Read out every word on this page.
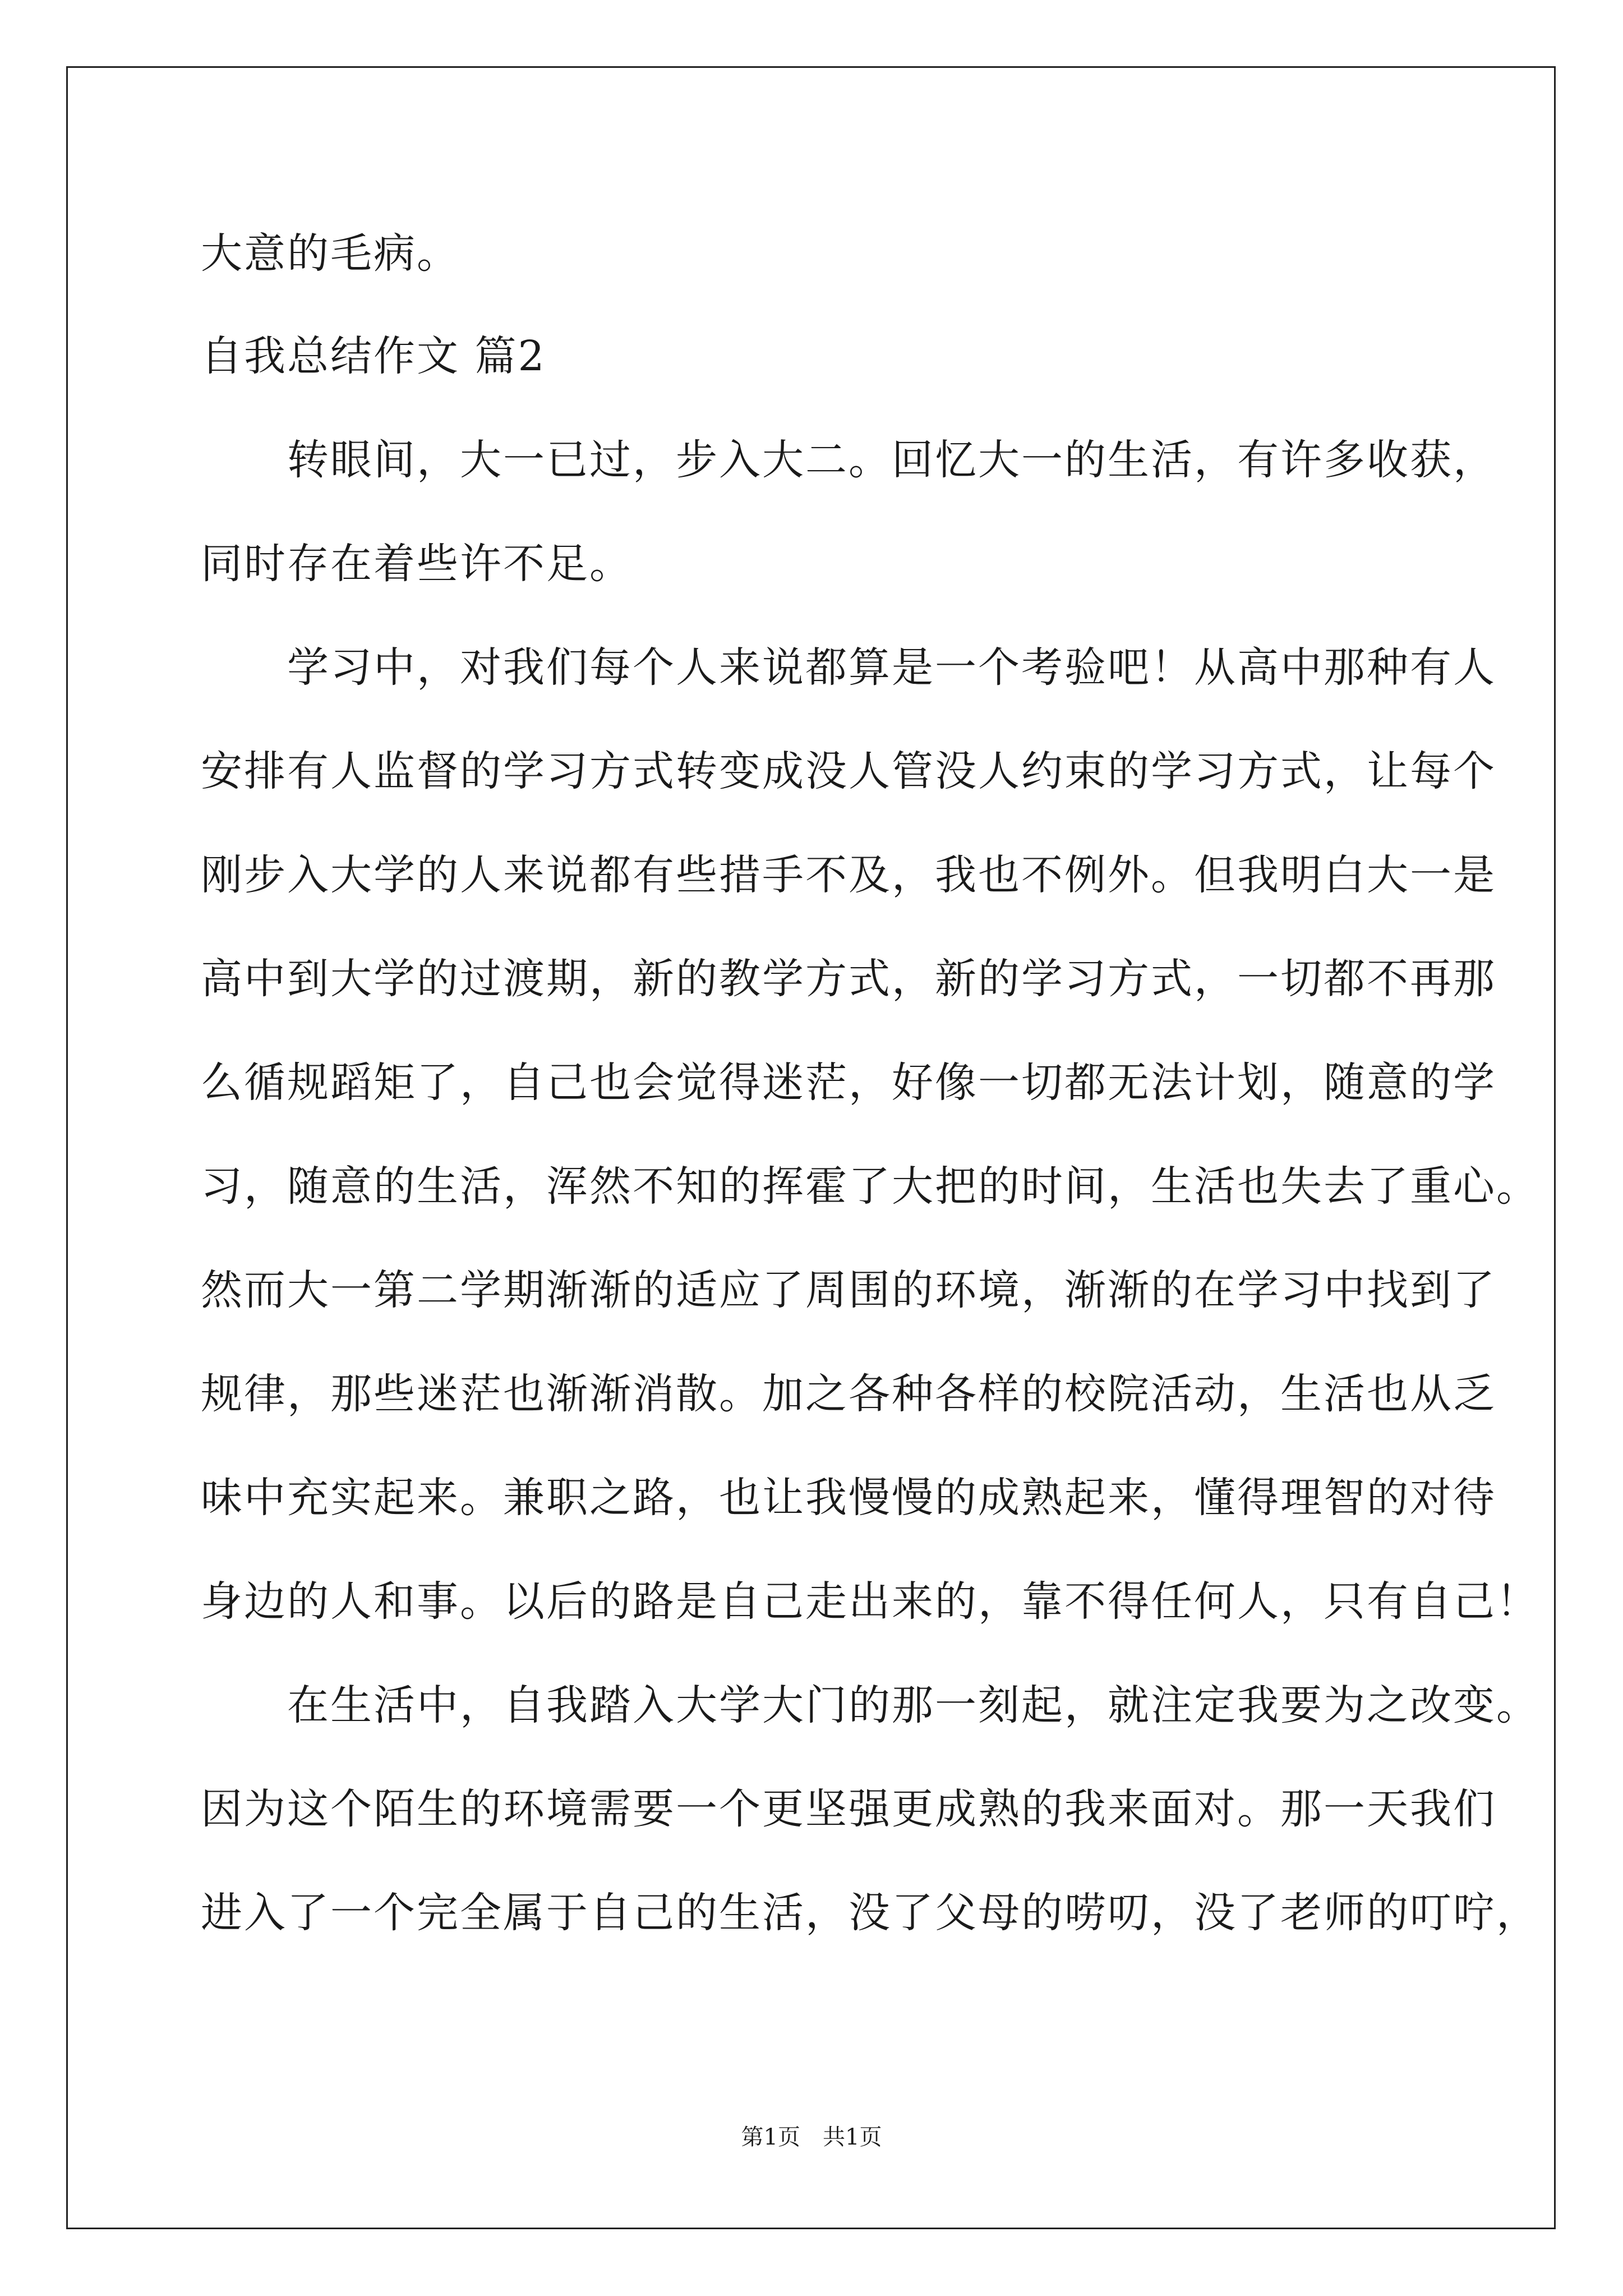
大意的毛病。
自我总结作文 篇2
　　转眼间，大一已过，步入大二。回忆大一的生活，有许多收获，
同时存在着些许不足。
　　学习中，对我们每个人来说都算是一个考验吧！从高中那种有人
安排有人监督的学习方式转变成没人管没人约束的学习方式，让每个
刚步入大学的人来说都有些措手不及，我也不例外。但我明白大一是
高中到大学的过渡期，新的教学方式，新的学习方式，一切都不再那
么循规蹈矩了，自己也会觉得迷茫，好像一切都无法计划，随意的学
习，随意的生活，浑然不知的挥霍了大把的时间，生活也失去了重心。
然而大一第二学期渐渐的适应了周围的环境，渐渐的在学习中找到了
规律，那些迷茫也渐渐消散。加之各种各样的校院活动，生活也从乏
味中充实起来。兼职之路，也让我慢慢的成熟起来，懂得理智的对待
身边的人和事。以后的路是自己走出来的，靠不得任何人，只有自己！
　　在生活中，自我踏入大学大门的那一刻起，就注定我要为之改变。
因为这个陌生的环境需要一个更坚强更成熟的我来面对。那一天我们
进入了一个完全属于自己的生活，没了父母的唠叨，没了老师的叮咛，
第1页　共1页
